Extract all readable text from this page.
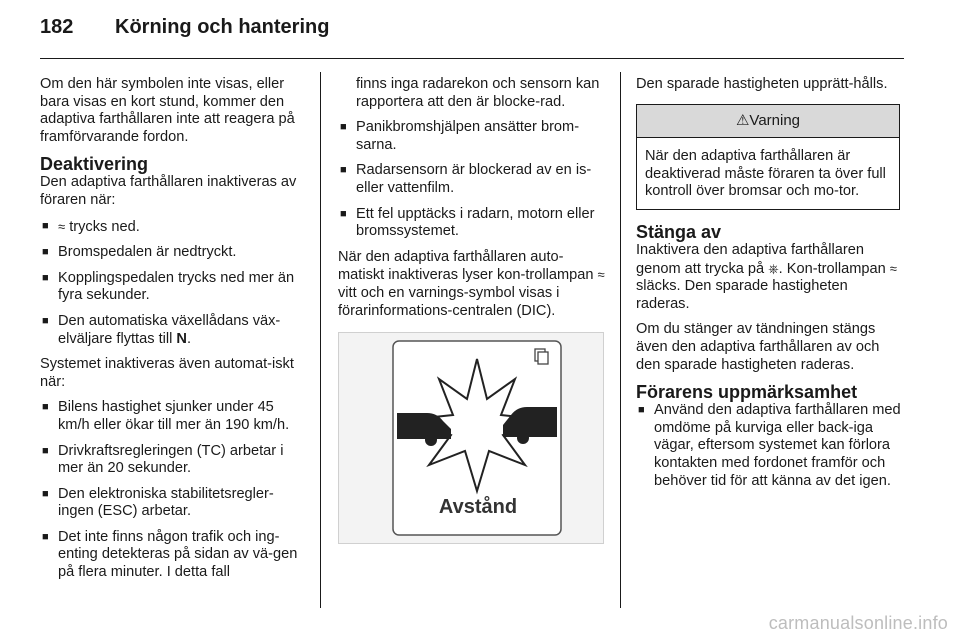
182 Körning och hantering

Om den här symbolen inte visas, eller bara visas en kort stund, kommer den adaptiva farthållaren inte att reagera på framförvarande fordon.

Deaktivering

Den adaptiva farthållaren inaktiveras av föraren när:

■ ≈ trycks ned.
■ Bromspedalen är nedtryckt.
■ Kopplingspedalen trycks ned mer än fyra sekunder.
■ Den automatiska växellådans väx-elväljare flyttas till N.

Systemet inaktiveras även automat-iskt när:

■ Bilens hastighet sjunker under 45 km/h eller ökar till mer än 190 km/h.
■ Drivkraftsregleringen (TC) arbetar i mer än 20 sekunder.
■ Den elektroniska stabilitetsregler-ingen (ESC) arbetar.
■ Det inte finns någon trafik och ing-enting detekteras på sidan av vä-gen på flera minuter. I detta fall

finns inga radarekon och sensorn kan rapportera att den är blocke-rad.

■ Panikbromshjälpen ansätter brom-sarna.
■ Radarsensorn är blockerad av en is- eller vattenfilm.
■ Ett fel upptäcks i radarn, motorn eller bromssystemet.

När den adaptiva farthållaren auto-matiskt inaktiveras lyser kon-trollampan ≈ vitt och en varnings-symbol visas i förarinformations-centralen (DIC).

Avstånd

Den sparade hastigheten upprätt-hålls.

⚠Varning
När den adaptiva farthållaren är deaktiverad måste föraren ta över full kontroll över bromsar och mo-tor.
Stänga av

Inaktivera den adaptiva farthållaren genom att trycka på ⎈. Kon-trollampan ≈ släcks. Den sparade hastigheten raderas.

Om du stänger av tändningen stängs även den adaptiva farthållaren av och den sparade hastigheten raderas.

Förarens uppmärksamhet
■ Använd den adaptiva farthållaren med omdöme på kurviga eller back-iga vägar, eftersom systemet kan förlora kontakten med fordonet framför och behöver tid för att känna av det igen.
carmanualsonline.info
